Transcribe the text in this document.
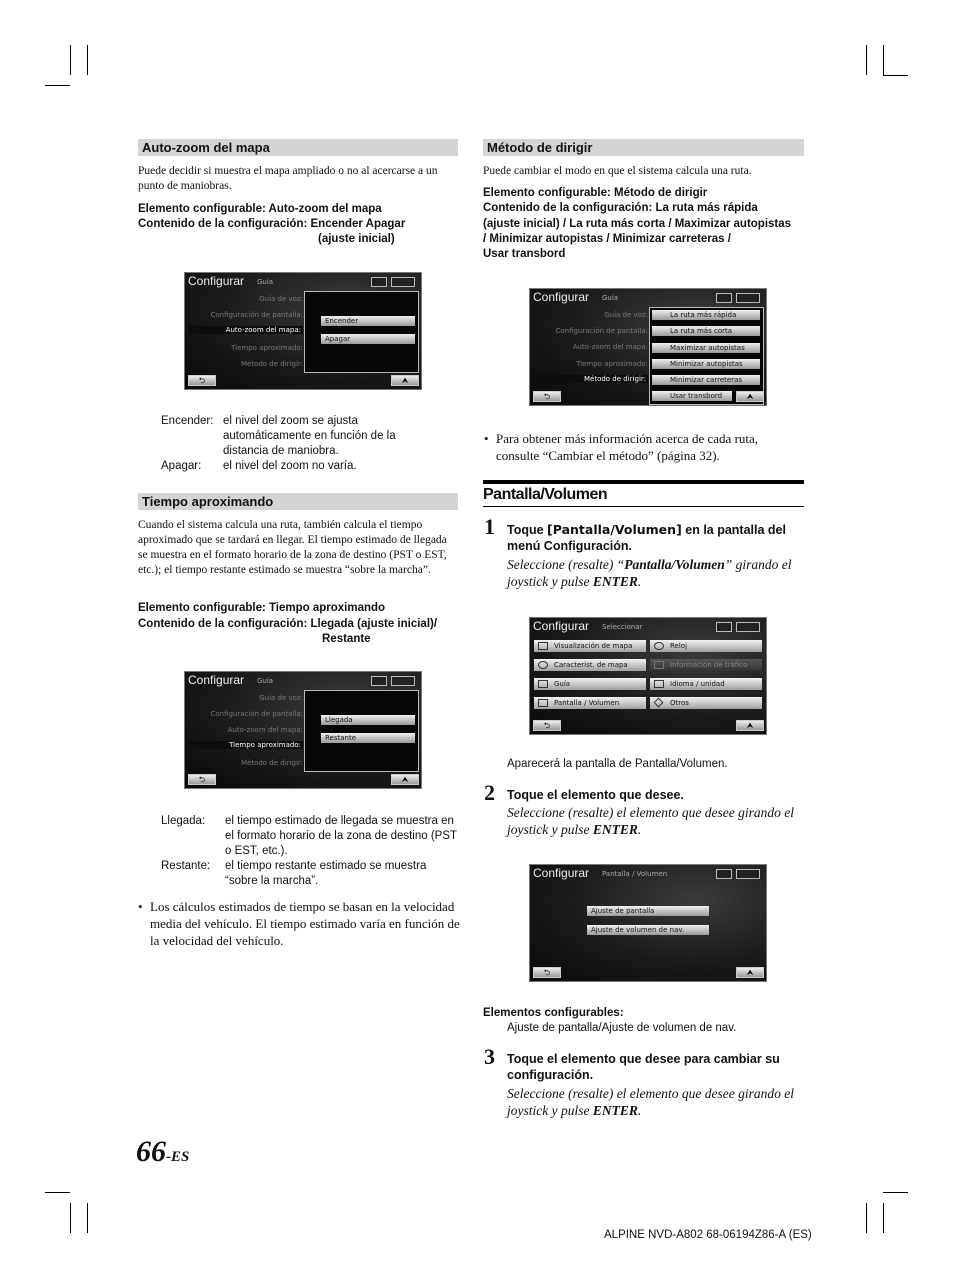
Auto-zoom del mapa
Puede decidir si muestra el mapa ampliado o no al acercarse a un punto de maniobras.
Elemento configurable: Auto-zoom del mapa
Contenido de la configuración: Encender Apagar
(ajuste inicial)
Configurar Guía
Guía de voz:
Configuración de pantalla:
Auto-zoom del mapa:
Tiempo aproximado:
Método de dirigir:
Encender
Apagar
⮌	⮝
Encender: el nivel del zoom se ajusta automáticamente en función de la distancia de maniobra.
Apagar: el nivel del zoom no varía.
Tiempo aproximando
Cuando el sistema calcula una ruta, también calcula el tiempo aproximado que se tardará en llegar. El tiempo estimado de llegada se muestra en el formato horario de la zona de destino (PST o EST, etc.); el tiempo restante estimado se muestra “sobre la marcha”.
Elemento configurable: Tiempo aproximando
Contenido de la configuración: Llegada (ajuste inicial)/
Restante
Configurar Guía
Guía de voz:
Configuración de pantalla:
Auto-zoom del mapa:
Tiempo aproximado:
Método de dirigir:
Llegada
Restante
⮌	⮝
Llegada: el tiempo estimado de llegada se muestra en el formato horario de la zona de destino (PST o EST, etc.).
Restante: el tiempo restante estimado se muestra “sobre la marcha”.
• Los cálculos estimados de tiempo se basan en la velocidad media del vehículo. El tiempo estimado varía en función de la velocidad del vehículo.
Método de dirigir
Puede cambiar el modo en que el sistema calcula una ruta.
Elemento configurable: Método de dirigir
Contenido de la configuración: La ruta más rápida
(ajuste inicial) / La ruta más corta / Maximizar autopistas
/ Minimizar autopistas / Minimizar carreteras /
Usar transbord
Configurar Guía
Guía de voz:
Configuración de pantalla:
Auto-zoom del mapa:
Tiempo aproximado:
Método de dirigir:
La ruta más rápida
La ruta más corta
Maximizar autopistas
Minimizar autopistas
Minimizar carreteras
Usar transbord
⮌	⮝
• Para obtener más información acerca de cada ruta, consulte “Cambiar el método” (página 32).
Pantalla/Volumen
1 Toque [Pantalla/Volumen] en la pantalla del menú Configuración.
Seleccione (resalte) “Pantalla/Volumen” girando el joystick y pulse ENTER.
Configurar Seleccionar
Visualización de mapa	Reloj
Caracterist. de mapa	Información de tráfico
Guía	Idioma / unidad
Pantalla / Volumen	Otros
⮌	⮝
Aparecerá la pantalla de Pantalla/Volumen.
2 Toque el elemento que desee.
Seleccione (resalte) el elemento que desee girando el joystick y pulse ENTER.
Configurar Pantalla / Volumen
Ajuste de pantalla
Ajuste de volumen de nav.
⮌	⮝
Elementos configurables:
Ajuste de pantalla/Ajuste de volumen de nav.
3 Toque el elemento que desee para cambiar su configuración.
Seleccione (resalte) el elemento que desee girando el joystick y pulse ENTER.
66-ES
ALPINE NVD-A802 68-06194Z86-A (ES)
